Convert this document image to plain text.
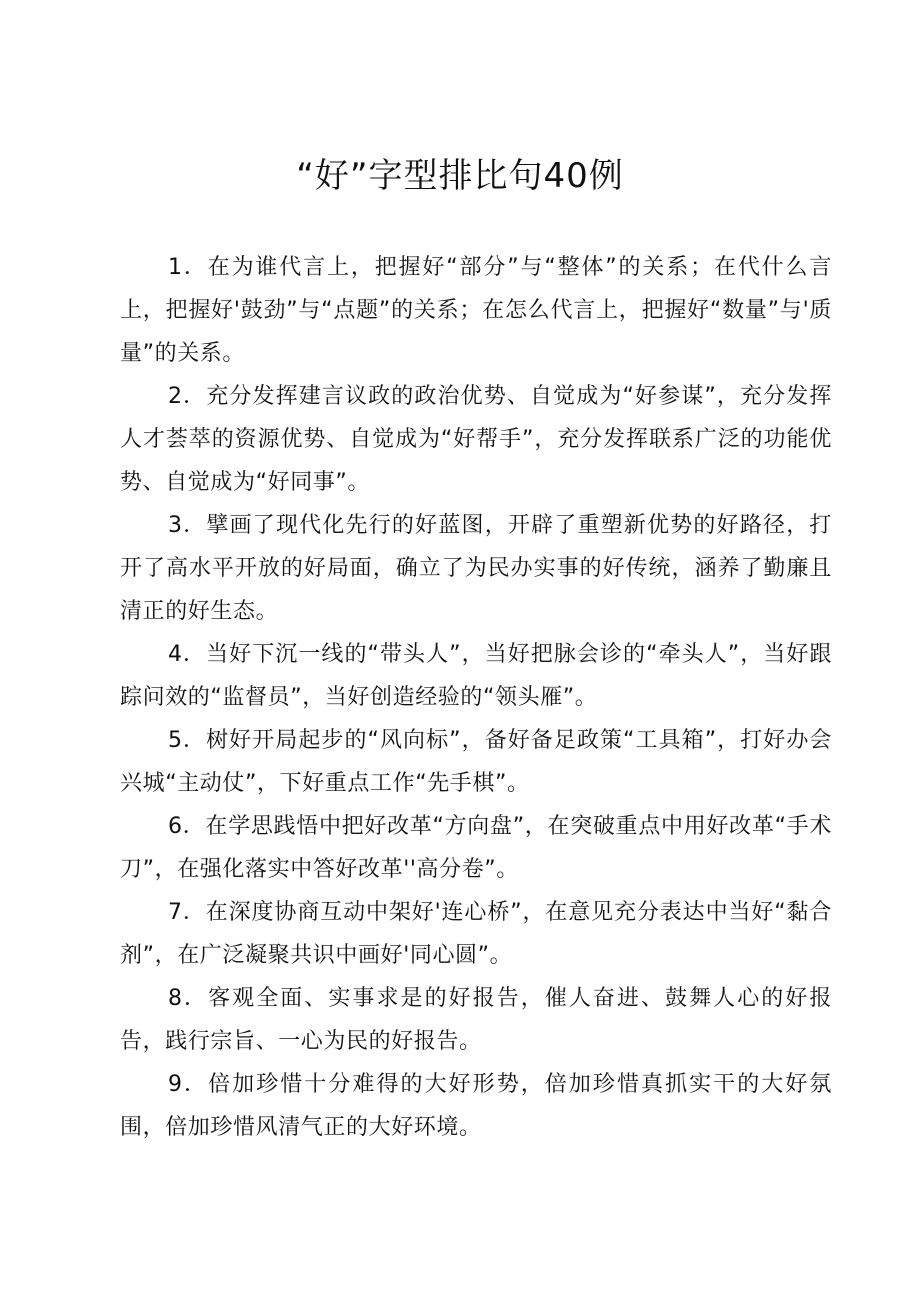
“好”字型排比句40例

1．在为谁代言上，把握好“部分”与“整体”的关系；在代什么言上，把握好'鼓劲”与“点题”的关系；在怎么代言上，把握好“数量”与'质量”的关系。

2．充分发挥建言议政的政治优势、自觉成为“好参谋”，充分发挥人才荟萃的资源优势、自觉成为“好帮手”，充分发挥联系广泛的功能优势、自觉成为“好同事”。

3．擘画了现代化先行的好蓝图，开辟了重塑新优势的好路径，打开了高水平开放的好局面，确立了为民办实事的好传统，涵养了勤廉且清正的好生态。

4．当好下沉一线的“带头人”，当好把脉会诊的“牵头人”，当好跟踪问效的“监督员”，当好创造经验的“领头雁”。

5．树好开局起步的“风向标”，备好备足政策“工具箱”，打好办会兴城“主动仗”，下好重点工作“先手棋”。

6．在学思践悟中把好改革“方向盘”，在突破重点中用好改革“手术刀”，在强化落实中答好改革''高分卷”。

7．在深度协商互动中架好'连心桥”，在意见充分表达中当好“黏合剂”，在广泛凝聚共识中画好'同心圆”。

8．客观全面、实事求是的好报告，催人奋进、鼓舞人心的好报告，践行宗旨、一心为民的好报告。

9．倍加珍惜十分难得的大好形势，倍加珍惜真抓实干的大好氛围，倍加珍惜风清气正的大好环境。
